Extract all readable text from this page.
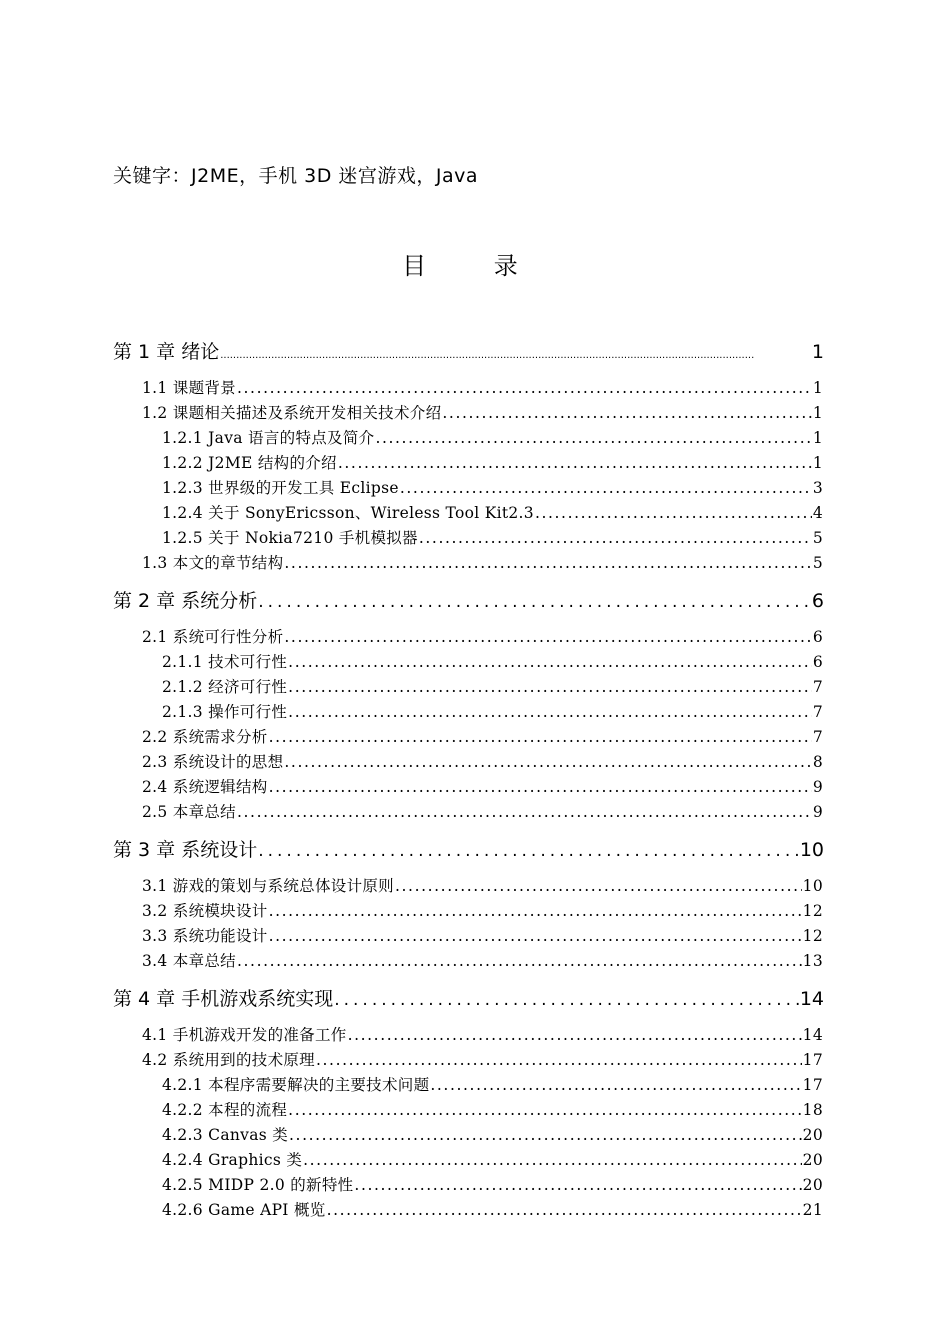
关键字：J2ME，手机 3D 迷宫游戏，Java
目 录
第 1 章 绪论 .....	1
1.1 课题背景 .....	1
1.2 课题相关描述及系统开发相关技术介绍 .....	1
1.2.1 Java 语言的特点及简介 .....	1
1.2.2 J2ME 结构的介绍 .....	1
1.2.3 世界级的开发工具 Eclipse .....	3
1.2.4 关于 SonyEricsson、Wireless Tool Kit2.3 .....	4
1.2.5 关于 Nokia7210 手机模拟器 .....	5
1.3 本文的章节结构 .....	5
第 2 章 系统分析 .....	6
2.1 系统可行性分析 .....	6
2.1.1 技术可行性 .....	6
2.1.2 经济可行性 .....	7
2.1.3 操作可行性 .....	7
2.2 系统需求分析 .....	7
2.3 系统设计的思想 .....	8
2.4 系统逻辑结构 .....	9
2.5 本章总结 .....	9
第 3 章 系统设计 .....	10
3.1 游戏的策划与系统总体设计原则 .....	10
3.2 系统模块设计 .....	12
3.3 系统功能设计 .....	12
3.4 本章总结 .....	13
第 4 章 手机游戏系统实现 .....	14
4.1 手机游戏开发的准备工作 .....	14
4.2 系统用到的技术原理 .....	17
4.2.1 本程序需要解决的主要技术问题 .....	17
4.2.2 本程的流程 .....	18
4.2.3 Canvas 类 .....	20
4.2.4 Graphics 类 .....	20
4.2.5 MIDP 2.0 的新特性 .....	20
4.2.6 Game API 概览 .....	21
